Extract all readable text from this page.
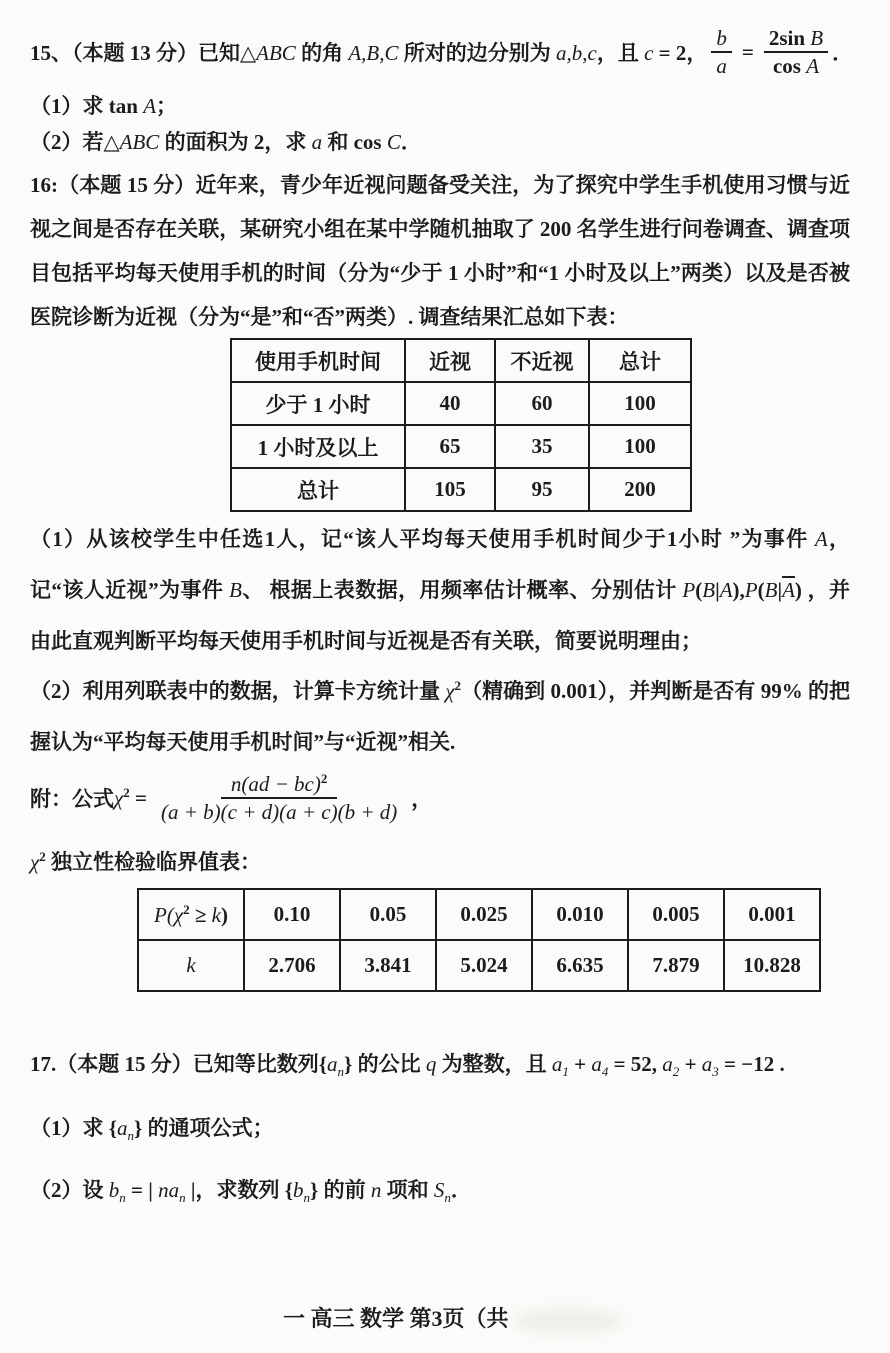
15、（本题 13 分）已知△ABC 的角 A,B,C 所对的边分别为 a,b,c，且 c = 2， $\frac{b}{a} = \frac{\text{2sin B}}{\text{cos A}}$ ．
（1）求 tan A；
（2）若△ABC 的面积为 2，求 a 和 cos C．
16:（本题 15 分）近年来，青少年近视问题备受关注，为了探究中学生手机使用习惯与近视之间是否存在关联，某研究小组在某中学随机抽取了 200 名学生进行问卷调查、调查项目包括平均每天使用手机的时间（分为“少于 1 小时”和“1 小时及以上”两类）以及是否被医院诊断为近视（分为“是”和“否”两类）. 调查结果汇总如下表：
使用手机时间	近视	不近视	总计
少于 1 小时	40	60	100
1 小时及以上	65	35	100
总计	105	95	200
（1）从该校学生中任选1人，记“该人平均每天使用手机时间少于1小时 ”为事件 A，记“该人近视”为事件 B、 根据上表数据，用频率估计概率、分别估计 $P(B|A),P(B|\overline{A})$ ，并由此直观判断平均每天使用手机时间与近视是否有关联，简要说明理由；
（2）利用列联表中的数据，计算卡方统计量 $\chi^2$（精确到 0.001），并判断是否有 99% 的把握认为“平均每天使用手机时间”与“近视”相关.
附：公式 $\chi^2 = \frac{n(ad - bc)^2}{(a + b)(c + d)(a + c)(b + d)}$ ，
$\chi^2$ 独立性检验临界值表：
$P(\chi^2 \ge k)$	0.10	0.05	0.025	0.010	0.005	0.001
k	2.706	3.841	5.024	6.635	7.879	10.828
17.（本题 15 分）已知等比数列$\{a_n\}$ 的公比 q 为整数，且 $a_1 + a_4 = 52$, $a_2 + a_3 = -12$ .
（1）求 $\{a_n\}$ 的通项公式；
（2）设 $b_n$ = | $na_n$ |，求数列 $\{b_n\}$ 的前 n 项和 $S_n$．
一 高三 数学 第3页（共
